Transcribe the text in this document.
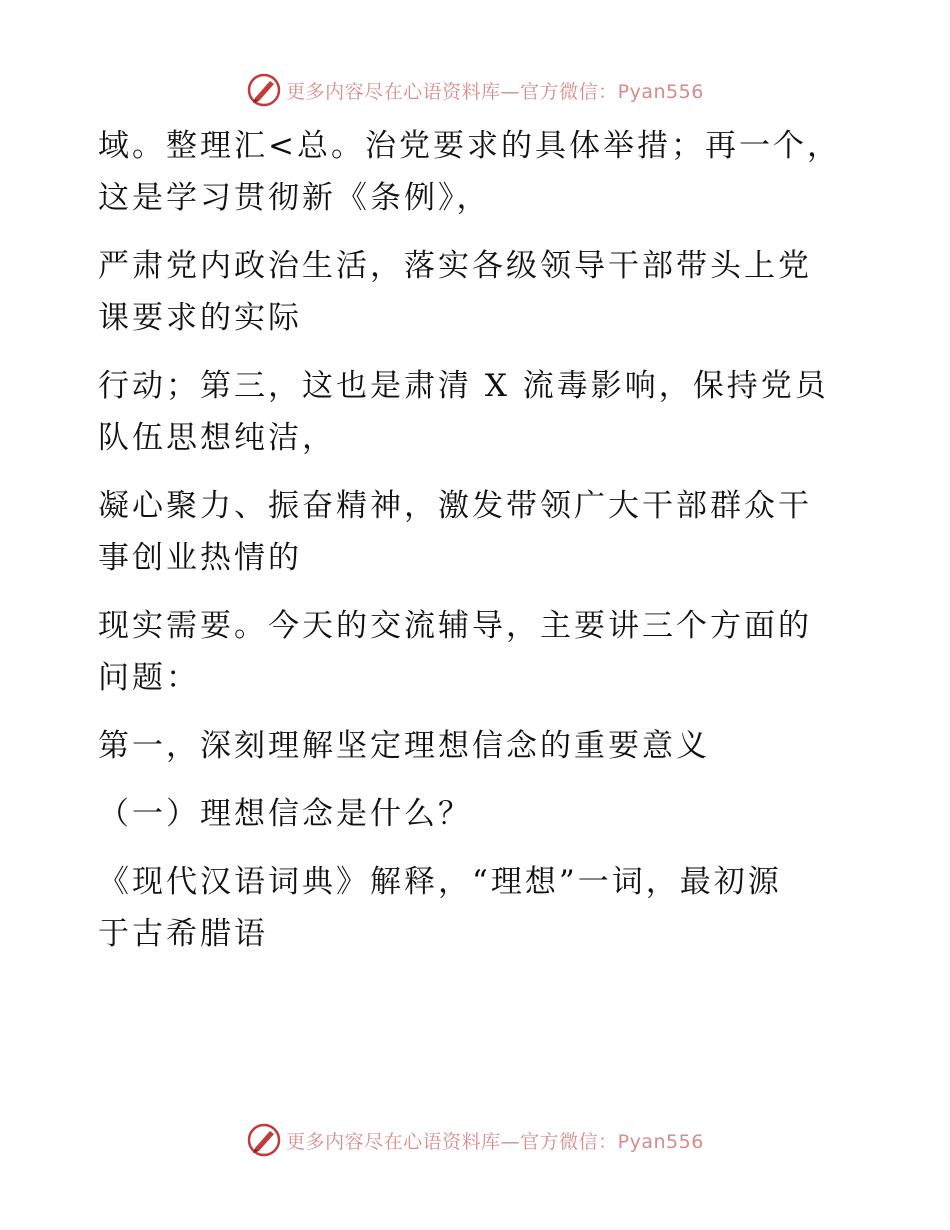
更多内容尽在心语资料库—官方微信：Pyan556

域。整理汇<总。治党要求的具体举措；再一个，
这是学习贯彻新《条例》，

严肃党内政治生活，落实各级领导干部带头上党
课要求的实际

行动；第三，这也是肃清 X 流毒影响，保持党员
队伍思想纯洁，

凝心聚力、振奋精神，激发带领广大干部群众干
事创业热情的

现实需要。今天的交流辅导，主要讲三个方面的
问题：

第一，深刻理解坚定理想信念的重要意义

（一）理想信念是什么？

《现代汉语词典》解释，“理想”一词，最初源
于古希腊语

更多内容尽在心语资料库—官方微信：Pyan556
